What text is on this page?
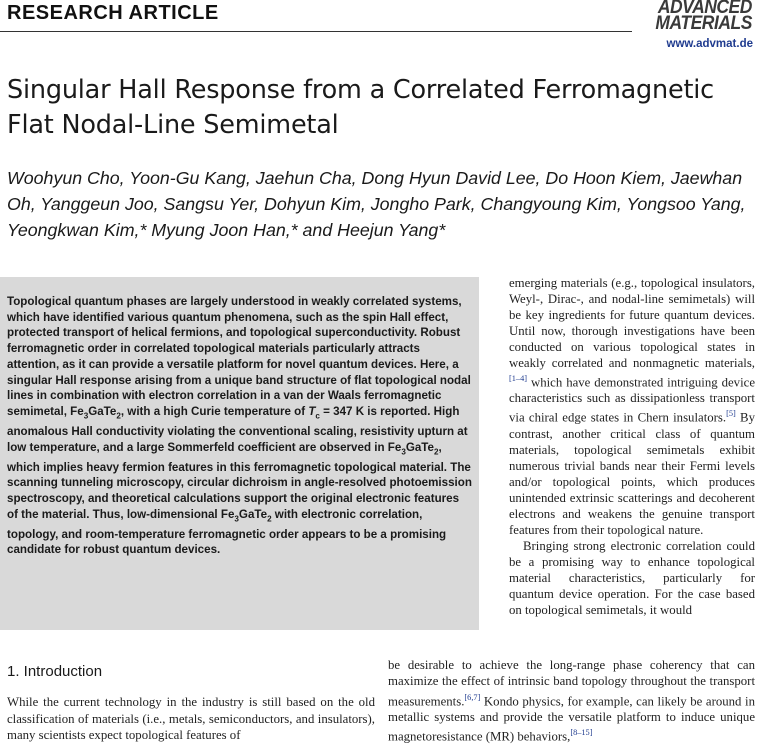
RESEARCH ARTICLE	ADVANCED
MATERIALS
www.advmat.de
Singular Hall Response from a Correlated Ferromagnetic Flat Nodal-Line Semimetal
Woohyun Cho, Yoon-Gu Kang, Jaehun Cha, Dong Hyun David Lee, Do Hoon Kiem, Jaewhan Oh, Yanggeun Joo, Sangsu Yer, Dohyun Kim, Jongho Park, Changyoung Kim, Yongsoo Yang, Yeongkwan Kim,* Myung Joon Han,* and Heejun Yang*

Topological quantum phases are largely understood in weakly correlated systems, which have identified various quantum phenomena, such as the spin Hall effect, protected transport of helical fermions, and topological superconductivity. Robust ferromagnetic order in correlated topological materials particularly attracts attention, as it can provide a versatile platform for novel quantum devices. Here, a singular Hall response arising from a unique band structure of flat topological nodal lines in combination with electron correlation in a van der Waals ferromagnetic semimetal, $Fe_3GaTe_2$, with a high Curie temperature of $T_c = 347$ K is reported. High anomalous Hall conductivity violating the conventional scaling, resistivity upturn at low temperature, and a large Sommerfeld coefficient are observed in $Fe_3GaTe_2$, which implies heavy fermion features in this ferromagnetic topological material. The scanning tunneling microscopy, circular dichroism in angle-resolved photoemission spectroscopy, and theoretical calculations support the original electronic features of the material. Thus, low-dimensional $Fe_3GaTe_2$ with electronic correlation, topology, and room-temperature ferromagnetic order appears to be a promising candidate for robust quantum devices.

1. Introduction

While the current technology in the industry is still based on the old classification of materials (i.e., metals, semiconductors, and insulators), many scientists expect topological features of

emerging materials (e.g., topological insulators, Weyl-, Dirac-, and nodal-line semimetals) will be key ingredients for future quantum devices. Until now, thorough investigations have been conducted on various topological states in weakly correlated and nonmagnetic materials,[1–4] which have demonstrated intriguing device characteristics such as dissipationless transport via chiral edge states in Chern insulators.[5] By contrast, another critical class of quantum materials, topological semimetals exhibit numerous trivial bands near their Fermi levels and/or topological points, which produces unintended extrinsic scatterings and decoherent electrons and weakens the genuine transport features from their topological nature.

Bringing strong electronic correlation could be a promising way to enhance topological material characteristics, particularly for quantum device operation. For the case based on topological semimetals, it would

be desirable to achieve the long-range phase coherency that can maximize the effect of intrinsic band topology throughout the transport measurements.[6,7] Kondo physics, for example, can likely be around in metallic systems and provide the versatile platform to induce unique magnetoresistance (MR) behaviors,[8–15]
